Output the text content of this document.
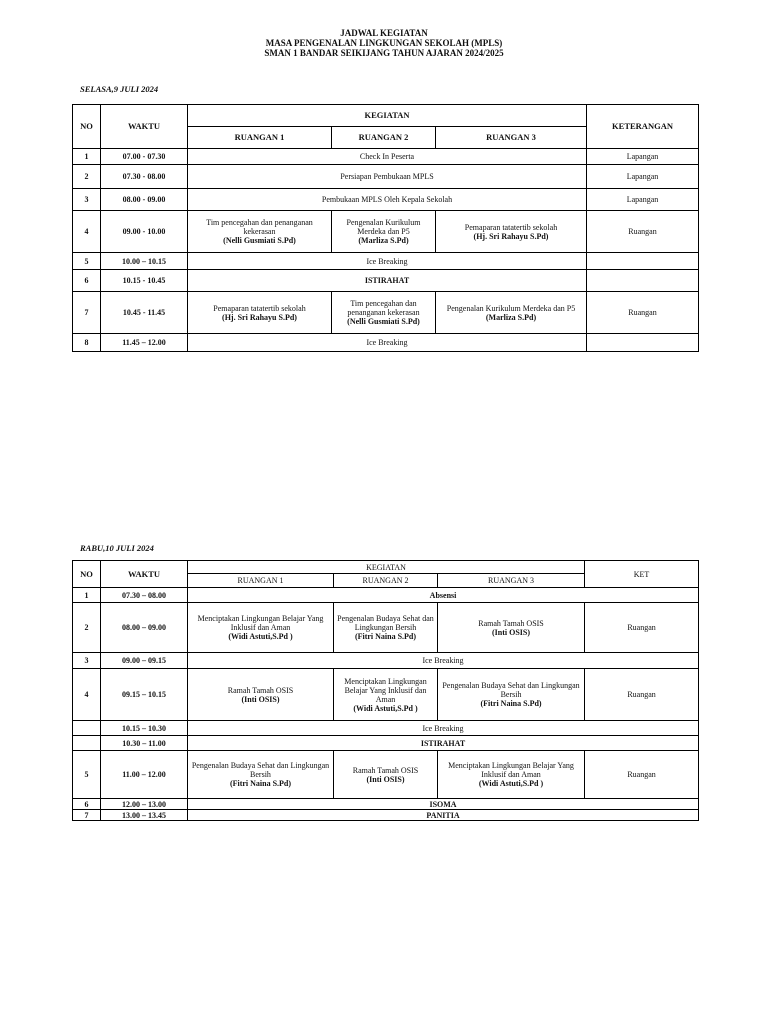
JADWAL KEGIATAN
MASA PENGENALAN LINGKUNGAN SEKOLAH (MPLS)
SMAN 1 BANDAR SEIKIJANG TAHUN AJARAN 2024/2025
SELASA,9 JULI 2024
NO	WAKTU	KEGIATAN			KETERANGAN
		RUANGAN 1	RUANGAN 2	RUANGAN 3	
1	07.00 - 07.30	Check In Peserta			Lapangan
2	07.30 - 08.00	Persiapan Pembukaan MPLS			Lapangan
3	08.00 - 09.00	Pembukaan MPLS Oleh Kepala Sekolah			Lapangan
4	09.00 - 10.00	Tim pencegahan dan penanganan kekerasan
(Nelli Gusmiati S.Pd)	Pengenalan Kurikulum Merdeka dan P5
(Marliza S.Pd)	Pemaparan tatatertib sekolah
(Hj. Sri Rahayu S.Pd)	Ruangan
5	10.00 – 10.15	Ice Breaking			
6	10.15 - 10.45	ISTIRAHAT			
7	10.45 - 11.45	Pemaparan tatatertib sekolah
(Hj. Sri Rahayu S.Pd)	Tim pencegahan dan penanganan kekerasan
(Nelli Gusmiati S.Pd)	Pengenalan Kurikulum Merdeka dan P5
(Marliza S.Pd)	Ruangan
8	11.45 – 12.00	Ice Breaking			
RABU,10 JULI 2024
NO	WAKTU	KEGIATAN			KET
		RUANGAN 1	RUANGAN 2	RUANGAN 3	
1	07.30 – 08.00	Absensi			
2	08.00 – 09.00	Menciptakan Lingkungan Belajar Yang Inklusif dan Aman
(Widi Astuti,S.Pd )	Pengenalan Budaya Sehat dan Lingkungan Bersih
(Fitri Naina S.Pd)	Ramah Tamah OSIS
(Inti OSIS)	Ruangan
3	09.00 – 09.15	Ice Breaking			
4	09.15 – 10.15	Ramah Tamah OSIS
(Inti OSIS)	Menciptakan Lingkungan Belajar Yang Inklusif dan Aman
(Widi Astuti,S.Pd )	Pengenalan Budaya Sehat dan Lingkungan Bersih
(Fitri Naina S.Pd)	Ruangan
	10.15 – 10.30	Ice Breaking			
	10.30 – 11.00	ISTIRAHAT			
5	11.00 – 12.00	Pengenalan Budaya Sehat dan Lingkungan Bersih
(Fitri Naina S.Pd)	Ramah Tamah OSIS
(Inti OSIS)	Menciptakan Lingkungan Belajar Yang Inklusif dan Aman
(Widi Astuti,S.Pd )	Ruangan
6	12.00 – 13.00	ISOMA			
7	13.00 – 13.45	PANITIA			
